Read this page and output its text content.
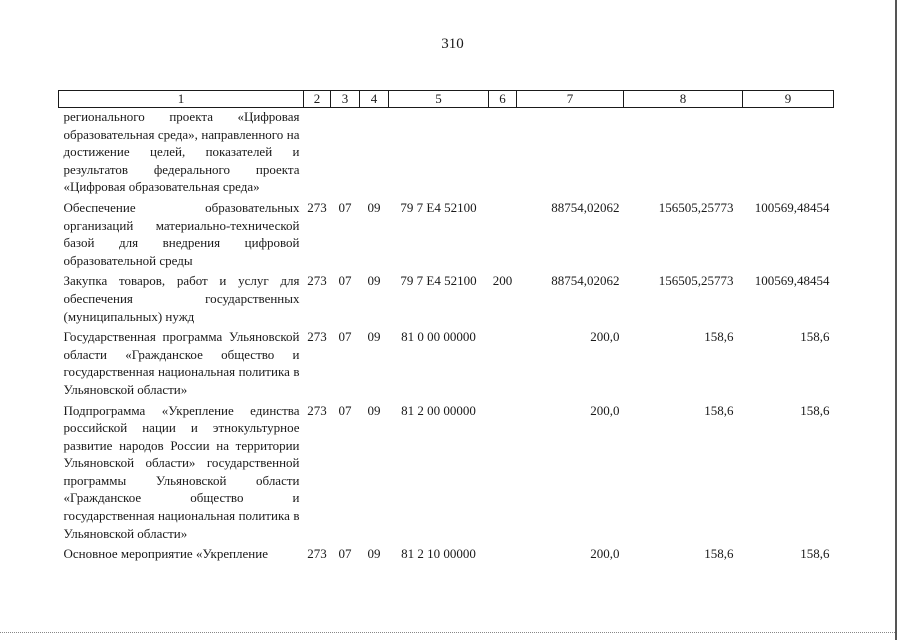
310
1	2	3	4	5	6	7	8	9
регионального проекта «Цифровая образовательная среда», направленного на достижение целей, показателей и результатов федерального проекта «Цифровая образовательная среда»								
Обеспечение образовательных организаций материально-технической базой для внедрения цифровой образовательной среды	273	07	09	79 7 E4 52100		88754,02062	156505,25773	100569,48454
Закупка товаров, работ и услуг для обеспечения государственных (муниципальных) нужд	273	07	09	79 7 E4 52100	200	88754,02062	156505,25773	100569,48454
Государственная программа Ульяновской области «Гражданское общество и государственная национальная политика в Ульяновской области»	273	07	09	81 0 00 00000		200,0	158,6	158,6
Подпрограмма «Укрепление единства российской нации и этнокультурное развитие народов России на территории Ульяновской области» государственной программы Ульяновской области «Гражданское общество и государственная национальная политика в Ульяновской области»	273	07	09	81 2 00 00000		200,0	158,6	158,6
Основное мероприятие «Укрепление	273	07	09	81 2 10 00000		200,0	158,6	158,6
